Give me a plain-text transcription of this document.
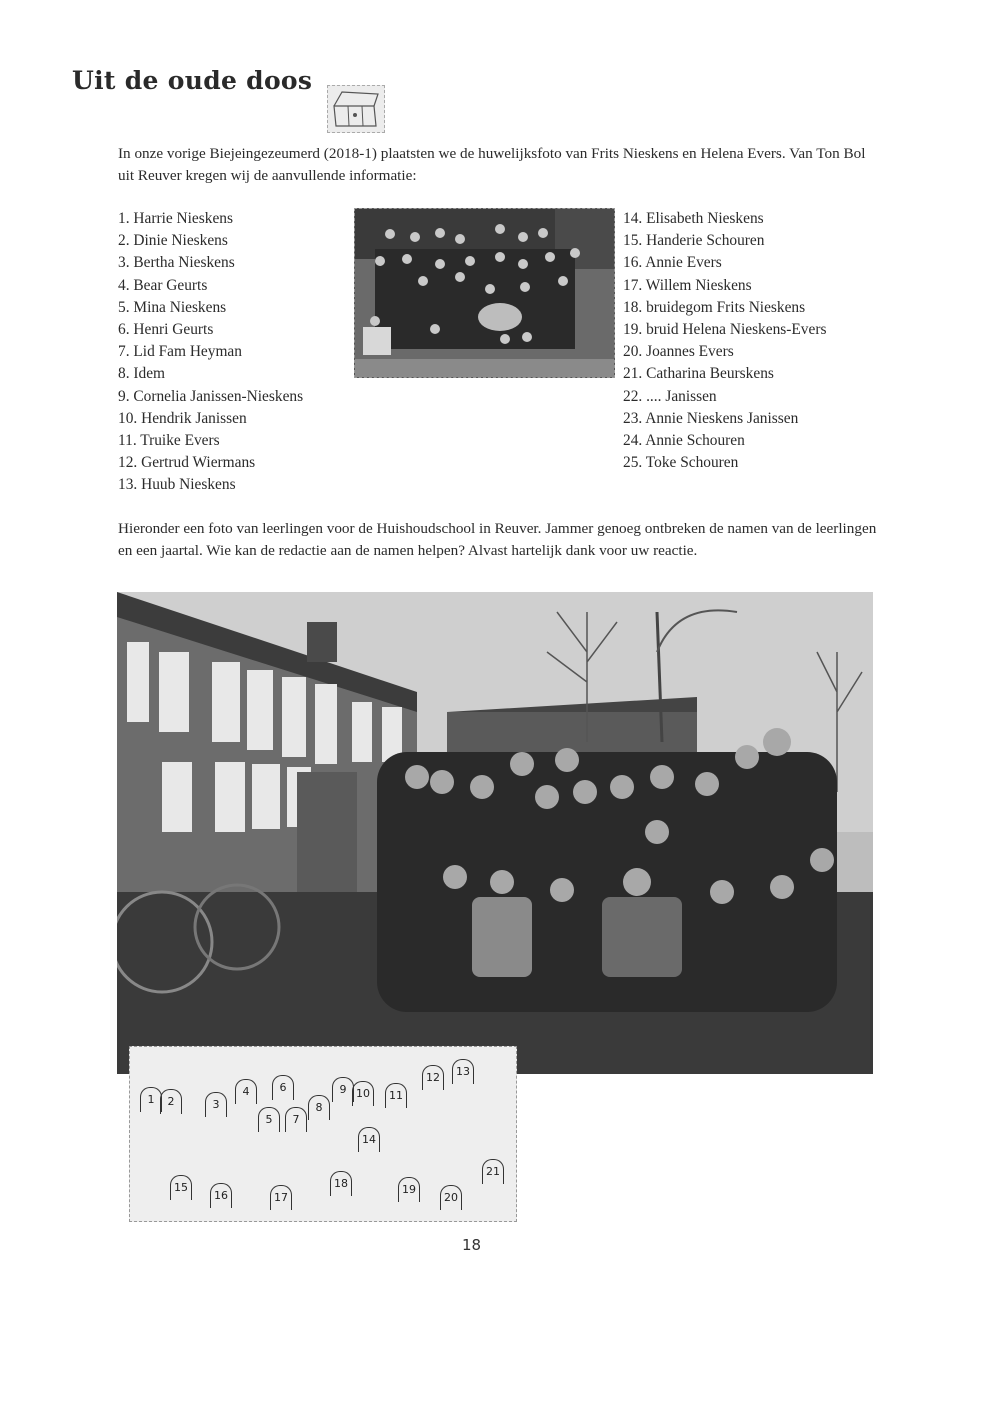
Uit de oude doos

In onze vorige Biejeingezeumerd (2018-1) plaatsten we de huwelijksfoto van Frits Nieskens en Helena Evers. Van Ton Bol uit Reuver kregen wij de aanvullende informatie:

1. Harrie Nieskens
2. Dinie Nieskens
3. Bertha Nieskens
4. Bear Geurts
5. Mina Nieskens
6. Henri Geurts
7. Lid Fam Heyman
8. Idem
9. Cornelia Janissen-Nieskens
10. Hendrik Janissen
11. Truike Evers
12. Gertrud Wiermans
13. Huub Nieskens
14. Elisabeth Nieskens
15. Handerie Schouren
16. Annie Evers
17. Willem Nieskens
18. bruidegom Frits Nieskens
19. bruid Helena Nieskens-Evers
20. Joannes Evers
21. Catharina Beurskens
22. .... Janissen
23. Annie Nieskens Janissen
24. Annie Schouren
25. Toke Schouren

Hieronder een foto van leerlingen voor de Huishoudschool in Reuver. Jammer genoeg ontbreken de namen van de leerlingen en een jaartal. Wie kan de redactie aan de namen helpen? Alvast hartelijk dank voor uw reactie.

1	2	3
4
5
6
7
8
9 10	11
12	13
14
15
16	17
18	19
20
21
18
